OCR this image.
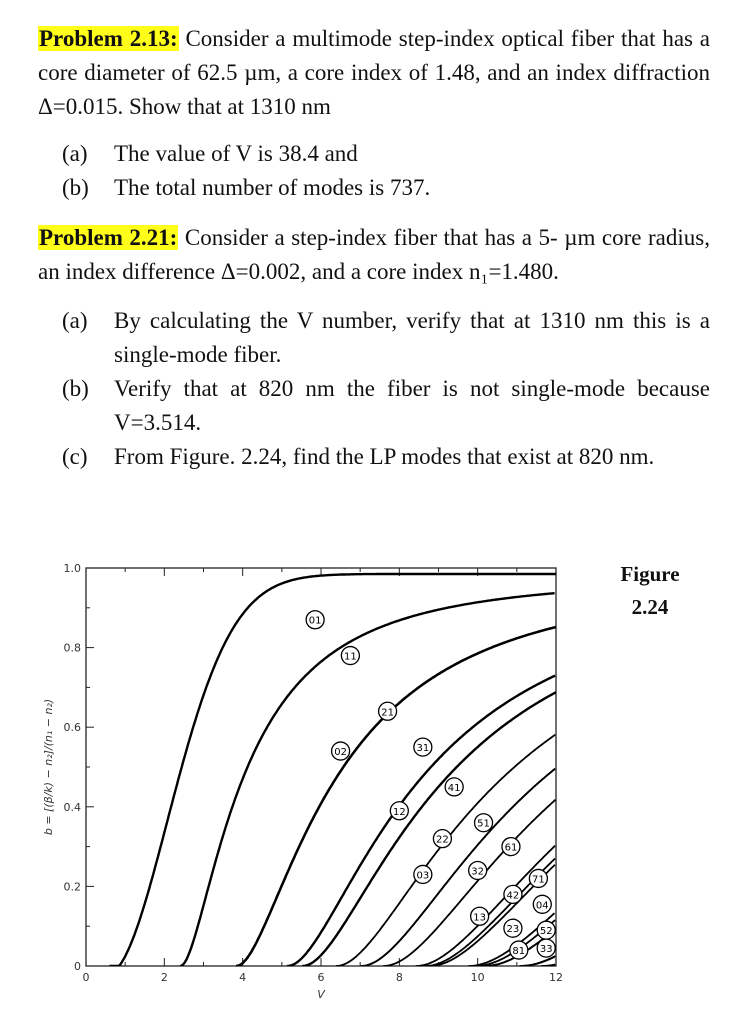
Problem 2.13: Consider a multimode step-index optical fiber that has a core diameter of 62.5 µm, a core index of 1.48, and an index diffraction Δ=0.015. Show that at 1310 nm
(a)	The value of V is 38.4 and
(b)	The total number of modes is 737.
Problem 2.21: Consider a step-index fiber that has a 5- µm core radius, an index difference Δ=0.002, and a core index n₁=1.480.
(a)	By calculating the V number, verify that at 1310 nm this is a single-mode fiber.
(b)	Verify that at 820 nm the fiber is not single-mode because V=3.514.
(c)	From Figure. 2.24, find the LP modes that exist at 820 nm.
Figure
2.24
0	2	4	6	8	10	12
0
0.2
0.4
0.6
0.8
1.0
V
b = [(β/k) − n₂]/(n₁ − n₂)
01
11
21
02	31
12
41
22
03
51
32
61
13
42
71
04
23 52
81 33
